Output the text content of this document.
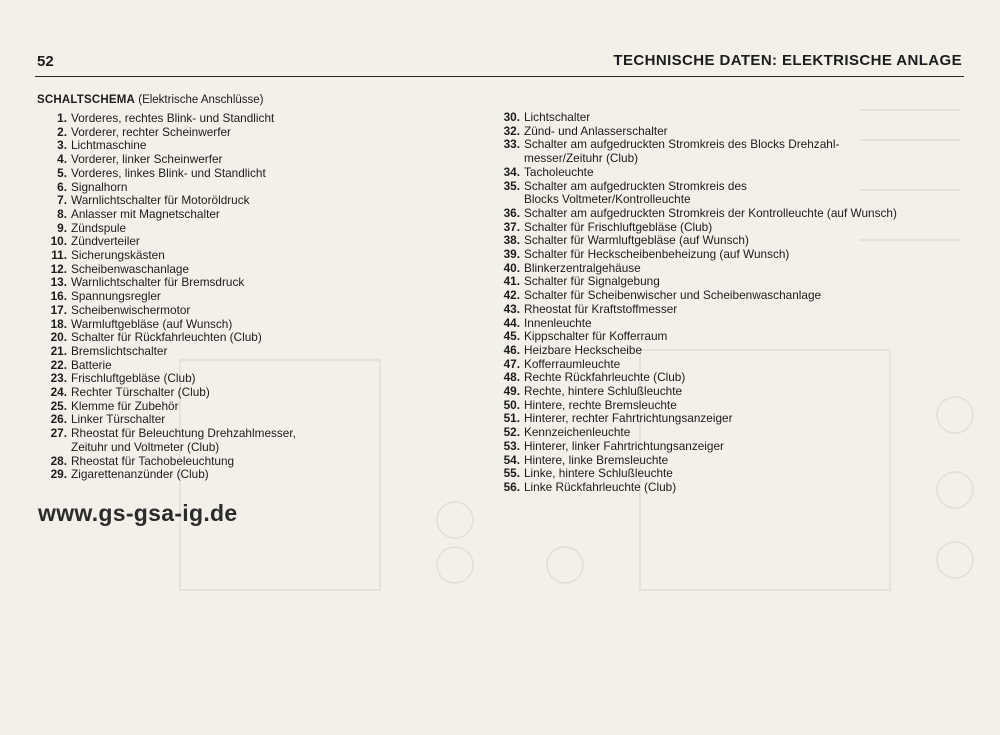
52	TECHNISCHE DATEN: ELEKTRISCHE ANLAGE
SCHALTSCHEMA (Elektrische Anschlüsse)
1. Vorderes, rechtes Blink- und Standlicht
2. Vorderer, rechter Scheinwerfer
3. Lichtmaschine
4. Vorderer, linker Scheinwerfer
5. Vorderes, linkes Blink- und Standlicht
6. Signalhorn
7. Warnlichtschalter für Motoröldruck
8. Anlasser mit Magnetschalter
9. Zündspule
10. Zündverteiler
11. Sicherungskästen
12. Scheibenwaschanlage
13. Warnlichtschalter für Bremsdruck
16. Spannungsregler
17. Scheibenwischermotor
18. Warmluftgebläse (auf Wunsch)
20. Schalter für Rückfahrleuchten (Club)
21. Bremslichtschalter
22. Batterie
23. Frischluftgebläse (Club)
24. Rechter Türschalter (Club)
25. Klemme für Zubehör
26. Linker Türschalter
27. Rheostat für Beleuchtung Drehzahlmesser,
Zeituhr und Voltmeter (Club)
28. Rheostat für Tachobeleuchtung
29. Zigarettenanzünder (Club)
30. Lichtschalter
32. Zünd- und Anlasserschalter
33. Schalter am aufgedruckten Stromkreis des Blocks Drehzahl-
messer/Zeituhr (Club)
34. Tacholeuchte
35. Schalter am aufgedruckten Stromkreis des
Blocks Voltmeter/Kontrolleuchte
36. Schalter am aufgedruckten Stromkreis der Kontrolleuchte (auf Wunsch)
37. Schalter für Frischluftgebläse (Club)
38. Schalter für Warmluftgebläse (auf Wunsch)
39. Schalter für Heckscheibenbeheizung (auf Wunsch)
40. Blinkerzentralgehäuse
41. Schalter für Signalgebung
42. Schalter für Scheibenwischer und Scheibenwaschanlage
43. Rheostat für Kraftstoffmesser
44. Innenleuchte
45. Kippschalter für Kofferraum
46. Heizbare Heckscheibe
47. Kofferraumleuchte
48. Rechte Rückfahrleuchte (Club)
49. Rechte, hintere Schlußleuchte
50. Hintere, rechte Bremsleuchte
51. Hinterer, rechter Fahrtrichtungsanzeiger
52. Kennzeichenleuchte
53. Hinterer, linker Fahrtrichtungsanzeiger
54. Hintere, linke Bremsleuchte
55. Linke, hintere Schlußleuchte
56. Linke Rückfahrleuchte (Club)
www.gs-gsa-ig.de
